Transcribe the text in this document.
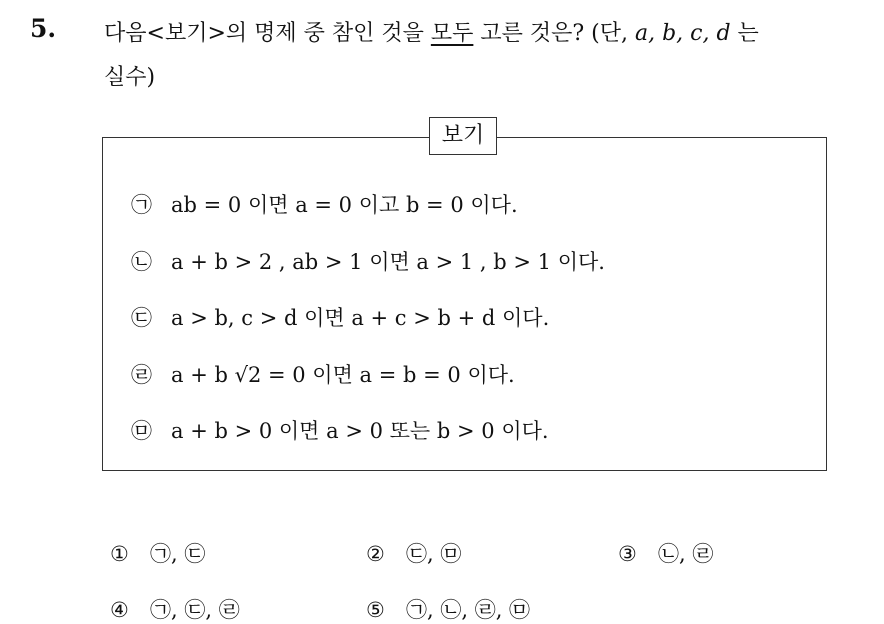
5. 다음<보기>의 명제 중 참인 것을 모두 고른 것은? (단, a, b, c, d 는
실수)
보기
㉠ ab = 0 이면 a = 0 이고 b = 0 이다.
㉡ a + b > 2 , ab > 1 이면 a > 1 , b > 1 이다.
㉢ a > b, c > d 이면 a + c > b + d 이다.
㉣ a + b √2 = 0 이면 a = b = 0 이다.
㉤ a + b > 0 이면 a > 0 또는 b > 0 이다.
① ㉠, ㉢	② ㉢, ㉤	③ ㉡, ㉣
④ ㉠, ㉢, ㉣	⑤ ㉠, ㉡, ㉣, ㉤
